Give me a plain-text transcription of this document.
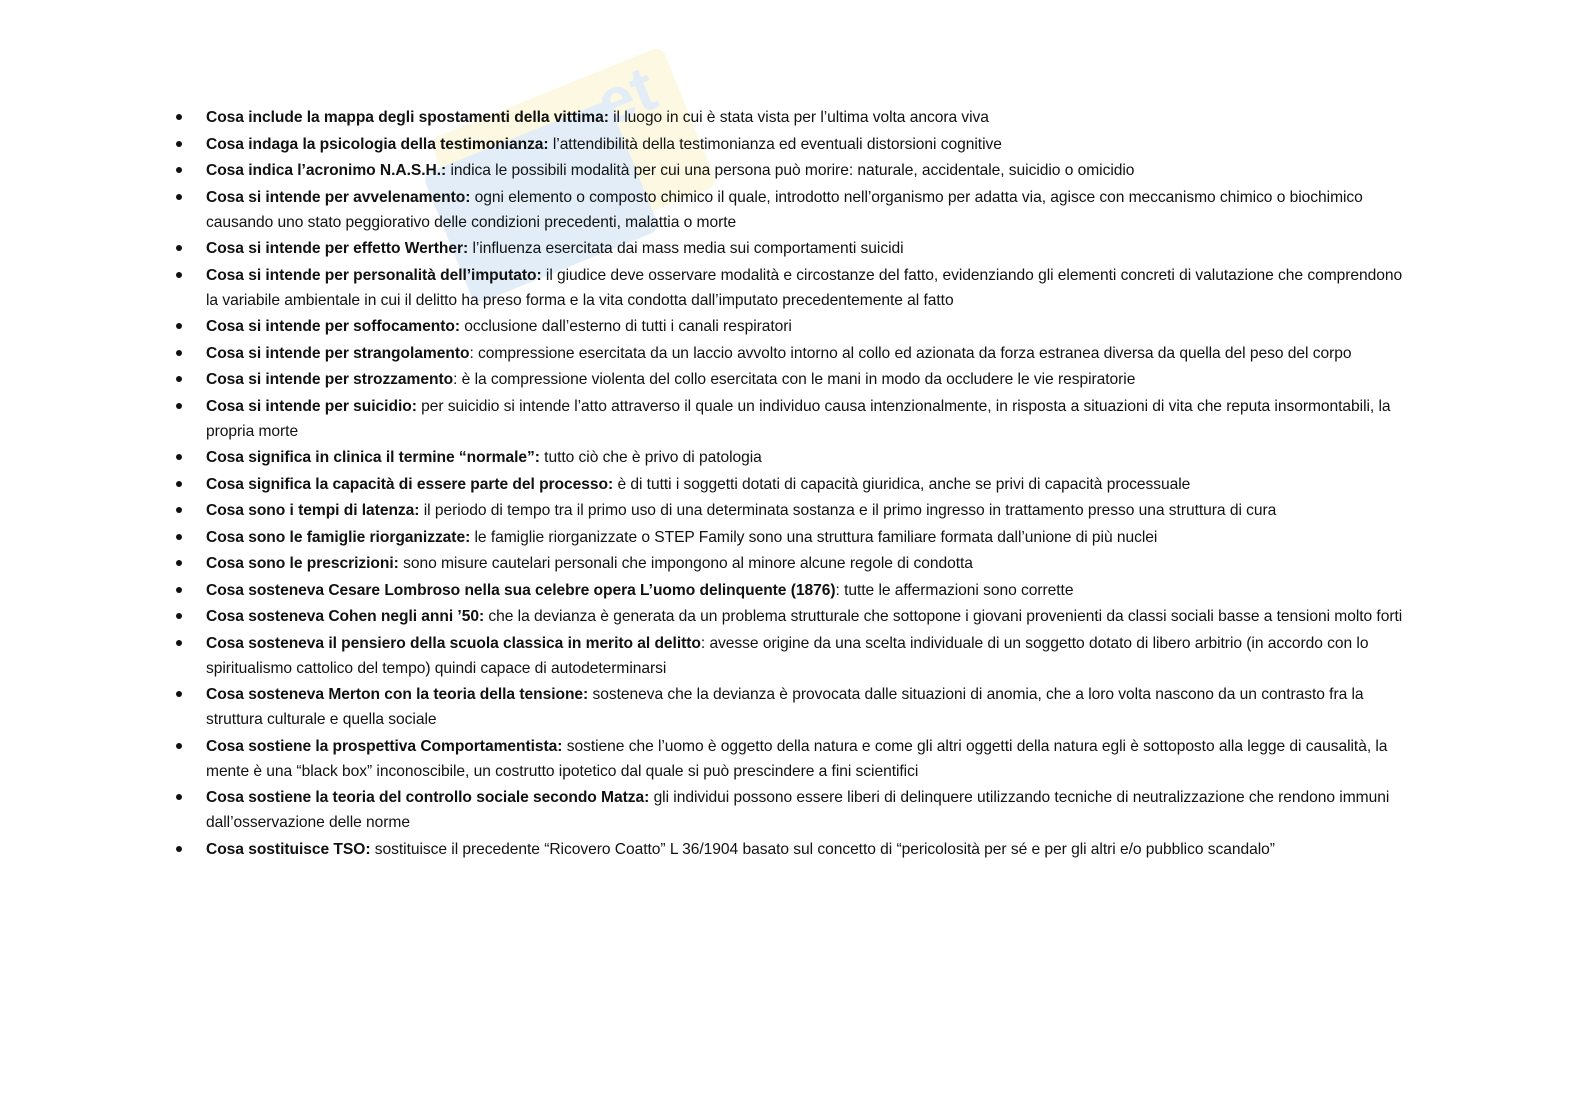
et
Cosa include la mappa degli spostamenti della vittima: il luogo in cui è stata vista per l’ultima volta ancora viva
Cosa indaga la psicologia della testimonianza: l’attendibilità della testimonianza ed eventuali distorsioni cognitive
Cosa indica l’acronimo N.A.S.H.: indica le possibili modalità per cui una persona può morire: naturale, accidentale, suicidio o omicidio
Cosa si intende per avvelenamento: ogni elemento o composto chimico il quale, introdotto nell’organismo per adatta via, agisce con meccanismo chimico o biochimico causando uno stato peggiorativo delle condizioni precedenti, malattia o morte
Cosa si intende per effetto Werther: l’influenza esercitata dai mass media sui comportamenti suicidi
Cosa si intende per personalità dell’imputato: il giudice deve osservare modalità e circostanze del fatto, evidenziando gli elementi concreti di valutazione che comprendono la variabile ambientale in cui il delitto ha preso forma e la vita condotta dall’imputato precedentemente al fatto
Cosa si intende per soffocamento: occlusione dall’esterno di tutti i canali respiratori
Cosa si intende per strangolamento: compressione esercitata da un laccio avvolto intorno al collo ed azionata da forza estranea diversa da quella del peso del corpo
Cosa si intende per strozzamento: è la compressione violenta del collo esercitata con le mani in modo da occludere le vie respiratorie
Cosa si intende per suicidio: per suicidio si intende l’atto attraverso il quale un individuo causa intenzionalmente, in risposta a situazioni di vita che reputa insormontabili, la propria morte
Cosa significa in clinica il termine “normale”: tutto ciò che è privo di patologia
Cosa significa la capacità di essere parte del processo: è di tutti i soggetti dotati di capacità giuridica, anche se privi di capacità processuale
Cosa sono i tempi di latenza: il periodo di tempo tra il primo uso di una determinata sostanza e il primo ingresso in trattamento presso una struttura di cura
Cosa sono le famiglie riorganizzate: le famiglie riorganizzate o STEP Family sono una struttura familiare formata dall’unione di più nuclei
Cosa sono le prescrizioni: sono misure cautelari personali che impongono al minore alcune regole di condotta
Cosa sosteneva Cesare Lombroso nella sua celebre opera L’uomo delinquente (1876): tutte le affermazioni sono corrette
Cosa sosteneva Cohen negli anni ’50: che la devianza è generata da un problema strutturale che sottopone i giovani provenienti da classi sociali basse a tensioni molto forti
Cosa sosteneva il pensiero della scuola classica in merito al delitto: avesse origine da una scelta individuale di un soggetto dotato di libero arbitrio (in accordo con lo spiritualismo cattolico del tempo) quindi capace di autodeterminarsi
Cosa sosteneva Merton con la teoria della tensione: sosteneva che la devianza è provocata dalle situazioni di anomia, che a loro volta nascono da un contrasto fra la struttura culturale e quella sociale
Cosa sostiene la prospettiva Comportamentista: sostiene che l’uomo è oggetto della natura e come gli altri oggetti della natura egli è sottoposto alla legge di causalità, la mente è una “black box” inconoscibile, un costrutto ipotetico dal quale si può prescindere a fini scientifici
Cosa sostiene la teoria del controllo sociale secondo Matza: gli individui possono essere liberi di delinquere utilizzando tecniche di neutralizzazione che rendono immuni dall’osservazione delle norme
Cosa sostituisce TSO: sostituisce il precedente “Ricovero Coatto” L 36/1904 basato sul concetto di “pericolosità per sé e per gli altri e/o pubblico scandalo”
